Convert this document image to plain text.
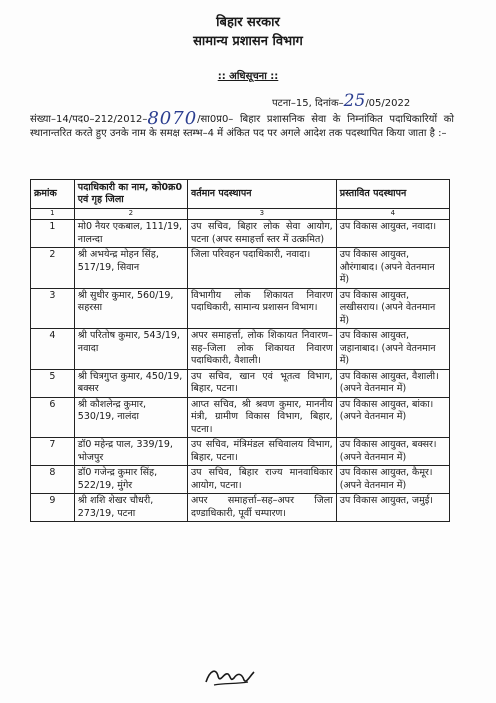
बिहार सरकार
सामान्य प्रशासन विभाग
:: अधिसूचना ::
पटना–15, दिनांक–25/05/2022
संख्या–14/पद0–212/2012–8070/सा0प्र0– बिहार प्रशासनिक सेवा के निम्नांकित पदाधिकारियों को स्थानान्तरित करते हुए उनके नाम के समक्ष स्तम्भ–4 में अंकित पद पर अगले आदेश तक पदस्थापित किया जाता है :–
क्रमांक	पदाधिकारी का नाम, को0क्र0 एवं गृह जिला	वर्तमान पदस्थापन	प्रस्तावित पदस्थापन
1	2	3	4
1	मो0 नैयर एकबाल, 111/19, नालन्दा	उप सचिव, बिहार लोक सेवा आयोग, पटना (अपर समाहर्त्ता स्तर में उत्क्रमित)	उप विकास आयुक्त, नवादा।
2	श्री अभयेन्द्र मोहन सिंह, 517/19, सिवान	जिला परिवहन पदाधिकारी, नवादा।	उप विकास आयुक्त, औरंगाबाद। (अपने वेतनमान में)
3	श्री सुधीर कुमार, 560/19, सहरसा	विभागीय लोक शिकायत निवारण पदाधिकारी, सामान्य प्रशासन विभाग।	उप विकास आयुक्त, लखीसराय। (अपने वेतनमान में)
4	श्री परितोष कुमार, 543/19, नवादा	अपर समाहर्त्ता, लोक शिकायत निवारण–सह–जिला लोक शिकायत निवारण पदाधिकारी, वैशाली।	उप विकास आयुक्त, जहानाबाद। (अपने वेतनमान में)
5	श्री चित्रगुप्त कुमार, 450/19, बक्सर	उप सचिव, खान एवं भूतत्व विभाग, बिहार, पटना।	उप विकास आयुक्त, वैशाली। (अपने वेतनमान में)
6	श्री कौशलेन्द्र कुमार, 530/19, नालंदा	आप्त सचिव, श्री श्रवण कुमार, माननीय मंत्री, ग्रामीण विकास विभाग, बिहार, पटना।	उप विकास आयुक्त, बांका। (अपने वेतनमान में)
7	डॉ0 महेन्द्र पाल, 339/19, भोजपुर	उप सचिव, मंत्रिमंडल सचिवालय विभाग, बिहार, पटना।	उप विकास आयुक्त, बक्सर। (अपने वेतनमान में)
8	डॉ0 गजेन्द्र कुमार सिंह, 522/19, मुंगेर	उप सचिव, बिहार राज्य मानवाधिकार आयोग, पटना।	उप विकास आयुक्त, कैमूर। (अपने वेतनमान में)
9	श्री शशि शेखर चौधरी, 273/19, पटना	अपर समाहर्त्ता–सह–अपर जिला दण्डाधिकारी, पूर्वी चम्पारण।	उप विकास आयुक्त, जमुई।
